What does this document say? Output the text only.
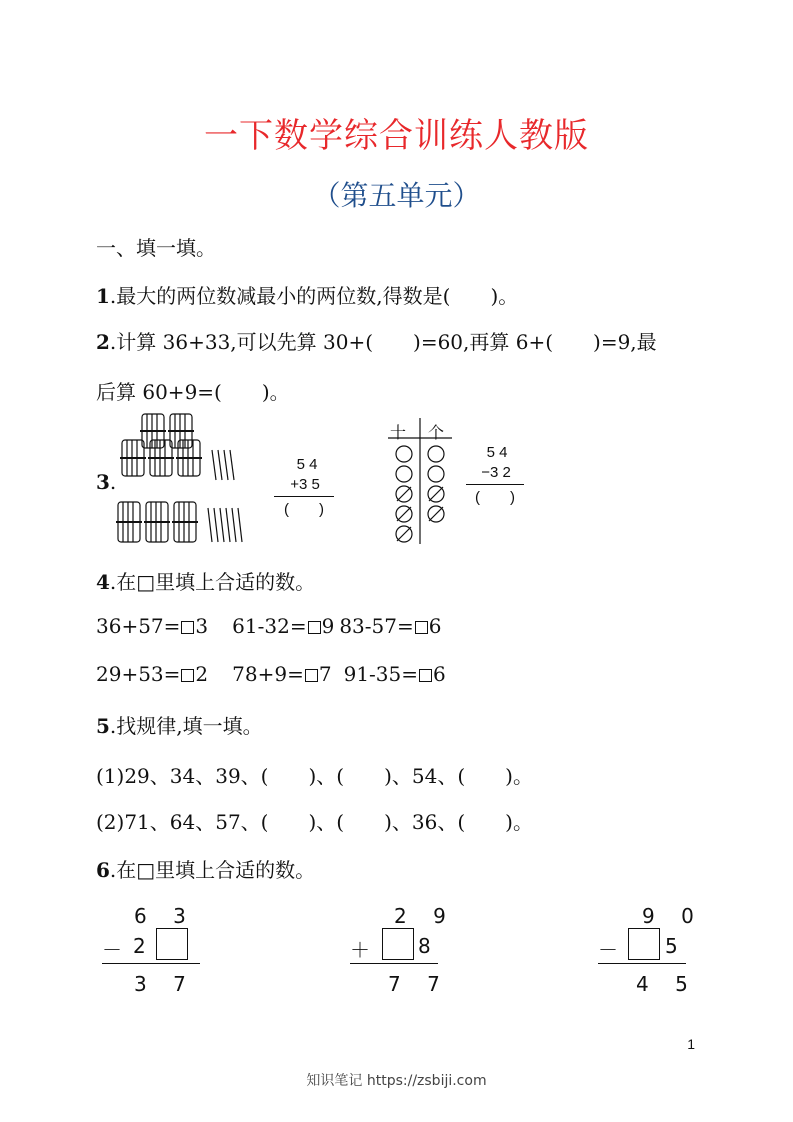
一下数学综合训练人教版
（第五单元）
一、填一填。
1.最大的两位数减最小的两位数,得数是(　　)。
2.计算 36+33,可以先算 30+(　　)=60,再算 6+(　　)=9,最
后算 60+9=(　　)。
3.
5 4
+3 5
(　　)
十 个
5 4
−3 2
(　　)
4.在□里填上合适的数。
36+57= 3 61-32= 9 83-57= 6
29+53= 2 78+9= 7 91-35= 6
5.找规律,填一填。
(1)29、34、39、(　　)、(　　)、54、(　　)。
(2)71、64、57、(　　)、(　　)、36、(　　)。
6.在□里填上合适的数。
6 3
－ 2
3 7
2 9
＋ 8
7 7
9 0
－ 5
4 5
1
知识笔记 https://zsbiji.com
